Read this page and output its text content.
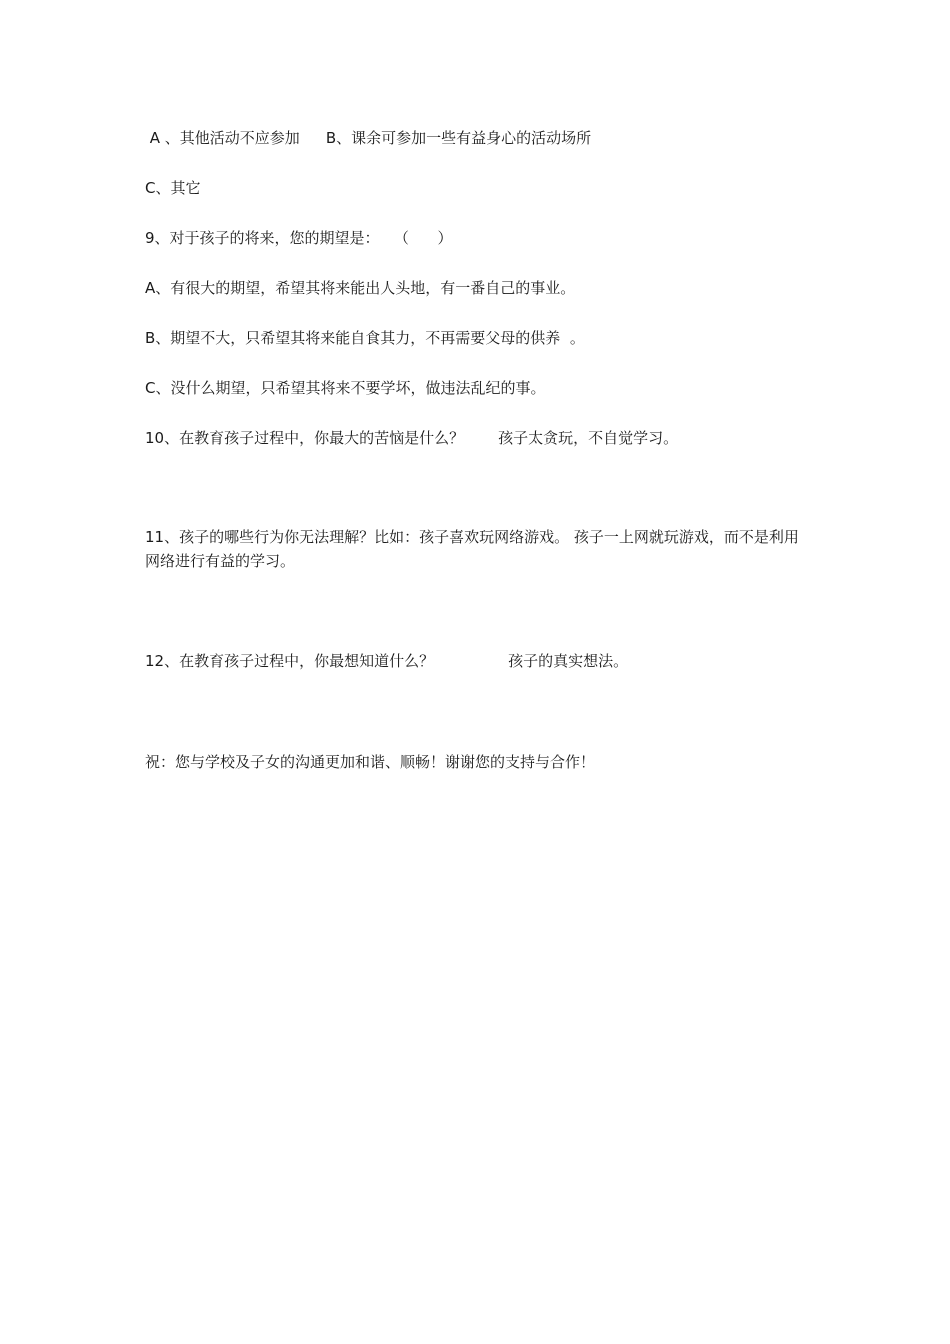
A 、其他活动不应参加 B、课余可参加一些有益身心的活动场所
C、其它
9、对于孩子的将来，您的期望是：   （      ）
A、有很大的期望，希望其将来能出人头地，有一番自己的事业。
B、期望不大，只希望其将来能自食其力，不再需要父母的供养  。
C、没什么期望，只希望其将来不要学坏，做违法乱纪的事。
10、在教育孩子过程中，你最大的苦恼是什么？ 孩子太贪玩，不自觉学习。
11、孩子的哪些行为你无法理解？比如：孩子喜欢玩网络游戏。 孩子一上网就玩游戏，而不是利用网络进行有益的学习。
12、在教育孩子过程中，你最想知道什么？	孩子的真实想法。
祝：您与学校及子女的沟通更加和谐、顺畅！谢谢您的支持与合作！
